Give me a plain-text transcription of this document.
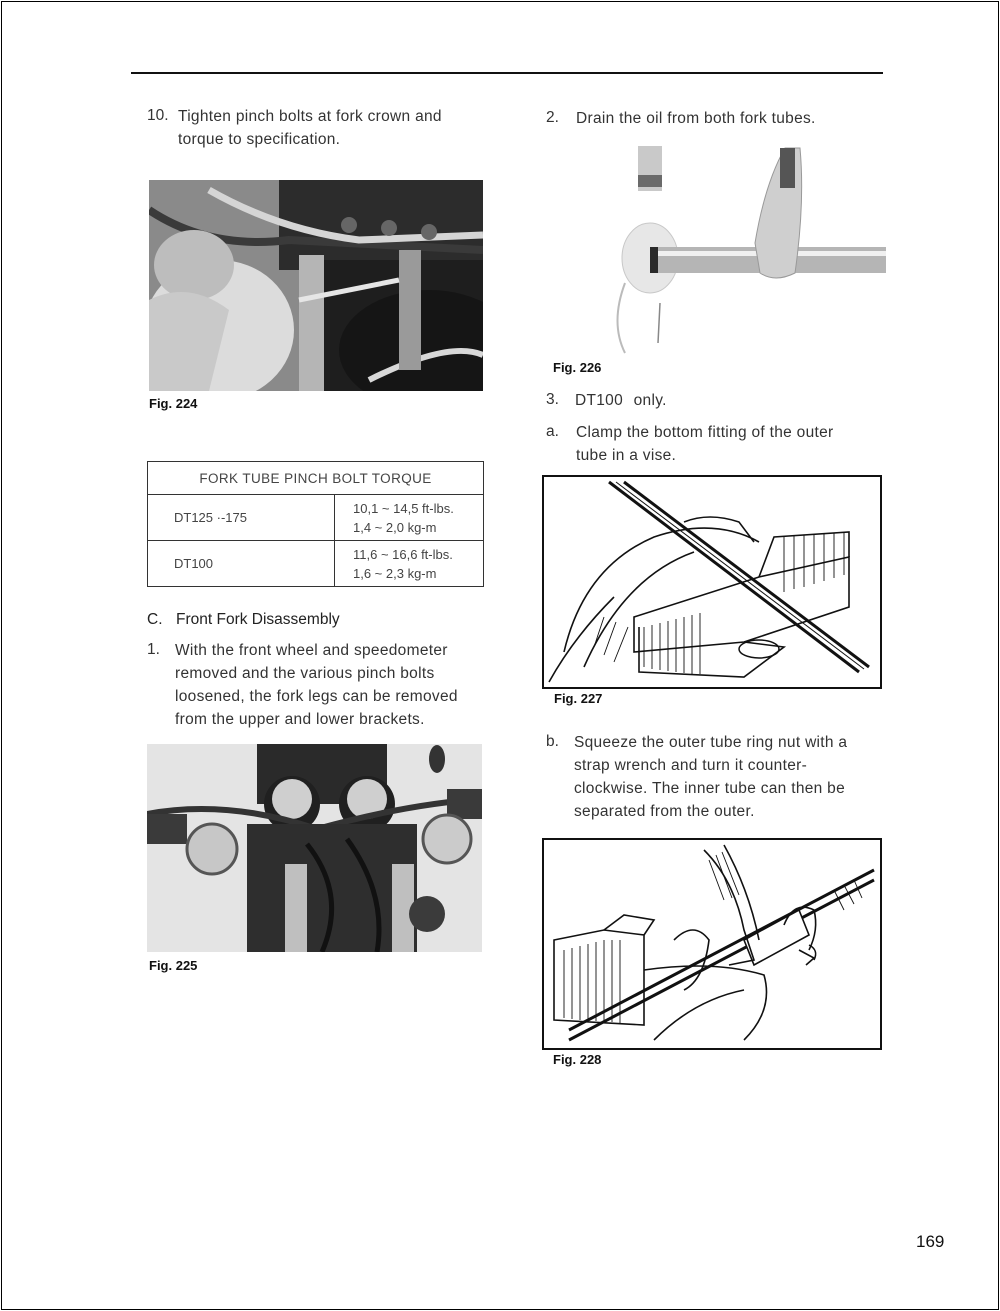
10. Tighten pinch bolts at fork crown and
torque to specification.
Fig. 224
FORK TUBE PINCH BOLT TORQUE	
DT125 ·-175	10,1 ~ 14,5 ft-lbs.
1,4 ~ 2,0 kg-m

DT100	11,6 ~ 16,6 ft-lbs.
1,6 ~ 2,3 kg-m
C. Front Fork Disassembly
1. With the front wheel and speedometer
removed and the various pinch bolts
loosened, the fork legs can be removed
from the upper and lower brackets.
Fig. 225
2. Drain the oil from both fork tubes.
Fig. 226
3. DT100 only.
a. Clamp the bottom fitting of the outer
tube in a vise.
Fig. 227
b. Squeeze the outer tube ring nut with a
strap wrench and turn it counter-
clockwise. The inner tube can then be
separated from the outer.
Fig. 228
169
